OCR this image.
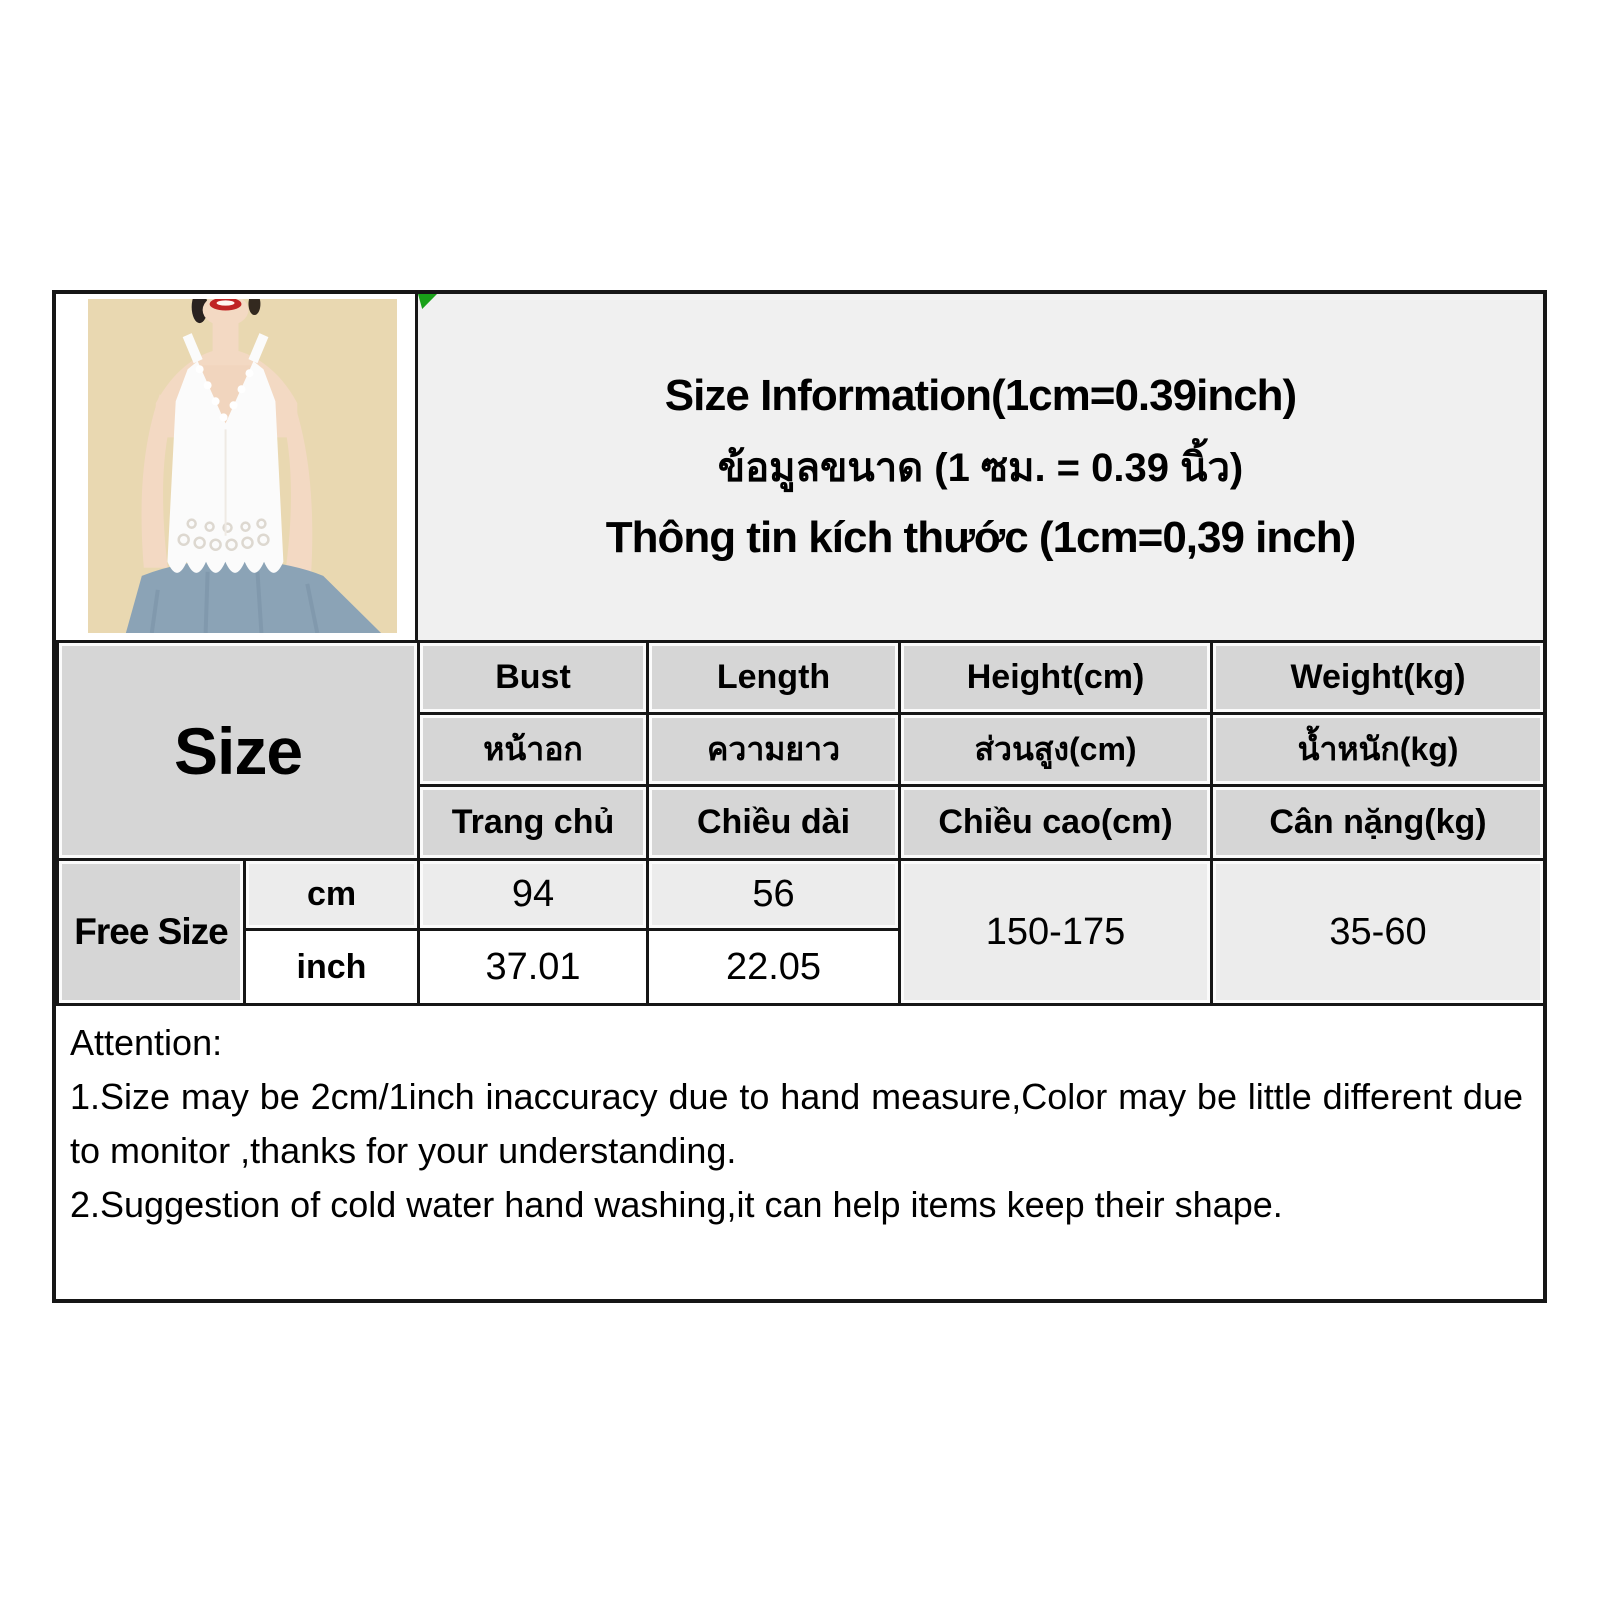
Size Information(1cm=0.39inch)
ข้อมูลขนาด (1 ซม. = 0.39 นิ้ว)
Thông tin kích thước (1cm=0,39 inch)
Size		Bust	Length	Height(cm)	Weight(kg)
		หน้าอก	ความยาว	ส่วนสูง(cm)	น้ำหนัก(kg)
		Trang chủ	Chiều dài	Chiều cao(cm)	Cân nặng(kg)
Free Size	cm	94	56	150-175	35-60
	inch	37.01	22.05		

Attention:

1.Size may be 2cm/1inch inaccuracy due to hand measure,Color may be little different due to monitor ,thanks for your understanding.

2.Suggestion of cold water hand washing,it can help items keep their shape.
